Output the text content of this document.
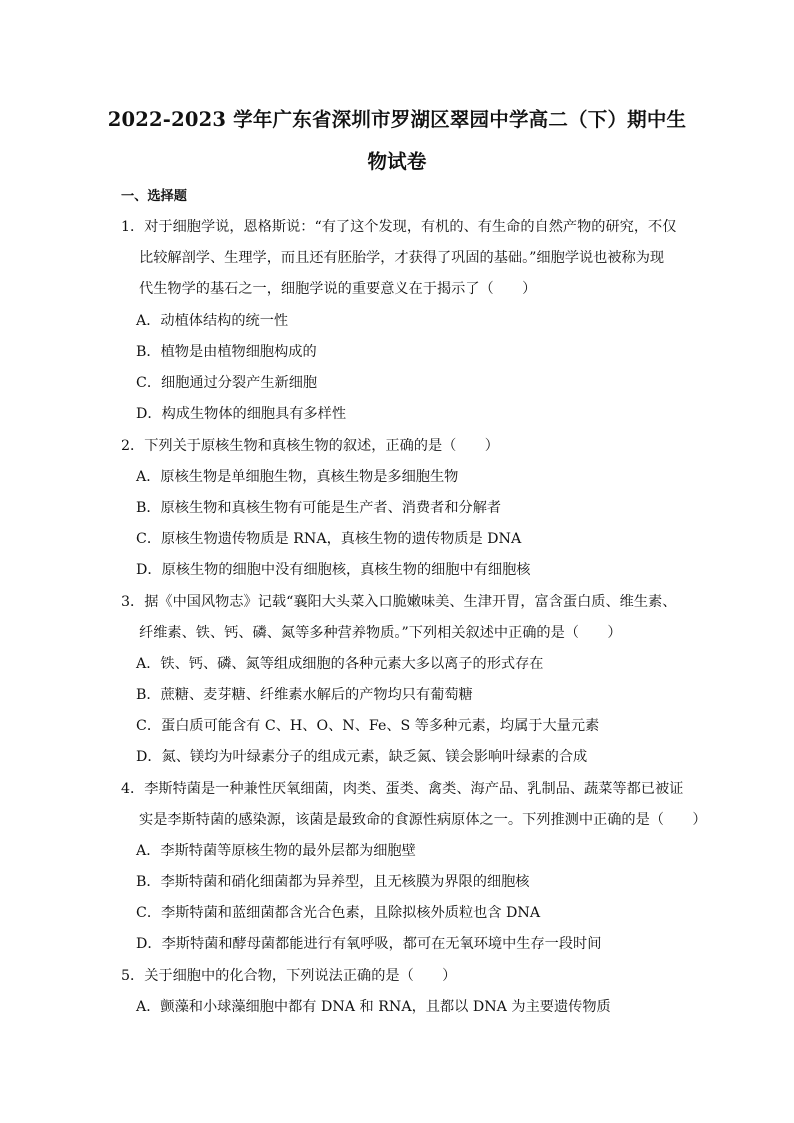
2022-2023 学年广东省深圳市罗湖区翠园中学高二（下）期中生
物试卷
一、选择题
1．对于细胞学说，恩格斯说：“有了这个发现，有机的、有生命的自然产物的研究，不仅
比较解剖学、生理学，而且还有胚胎学，才获得了巩固的基础。”细胞学说也被称为现
代生物学的基石之一，细胞学说的重要意义在于揭示了（　　）
A．动植体结构的统一性
B．植物是由植物细胞构成的
C．细胞通过分裂产生新细胞
D．构成生物体的细胞具有多样性
2．下列关于原核生物和真核生物的叙述，正确的是（　　）
A．原核生物是单细胞生物，真核生物是多细胞生物
B．原核生物和真核生物有可能是生产者、消费者和分解者
C．原核生物遗传物质是 RNA，真核生物的遗传物质是 DNA
D．原核生物的细胞中没有细胞核，真核生物的细胞中有细胞核
3．据《中国风物志》记载“襄阳大头菜入口脆嫩味美、生津开胃，富含蛋白质、维生素、
纤维素、铁、钙、磷、氮等多种营养物质。”下列相关叙述中正确的是（　　）
A．铁、钙、磷、氮等组成细胞的各种元素大多以离子的形式存在
B．蔗糖、麦芽糖、纤维素水解后的产物均只有葡萄糖
C．蛋白质可能含有 C、H、O、N、Fe、S 等多种元素，均属于大量元素
D．氮、镁均为叶绿素分子的组成元素，缺乏氮、镁会影响叶绿素的合成
4．李斯特菌是一种兼性厌氧细菌，肉类、蛋类、禽类、海产品、乳制品、蔬菜等都已被证
实是李斯特菌的感染源，该菌是最致命的食源性病原体之一。下列推测中正确的是（　　）
A．李斯特菌等原核生物的最外层都为细胞壁
B．李斯特菌和硝化细菌都为异养型，且无核膜为界限的细胞核
C．李斯特菌和蓝细菌都含光合色素，且除拟核外质粒也含 DNA
D．李斯特菌和酵母菌都能进行有氧呼吸，都可在无氧环境中生存一段时间
5．关于细胞中的化合物，下列说法正确的是（　　）
A．颤藻和小球藻细胞中都有 DNA 和 RNA，且都以 DNA 为主要遗传物质
